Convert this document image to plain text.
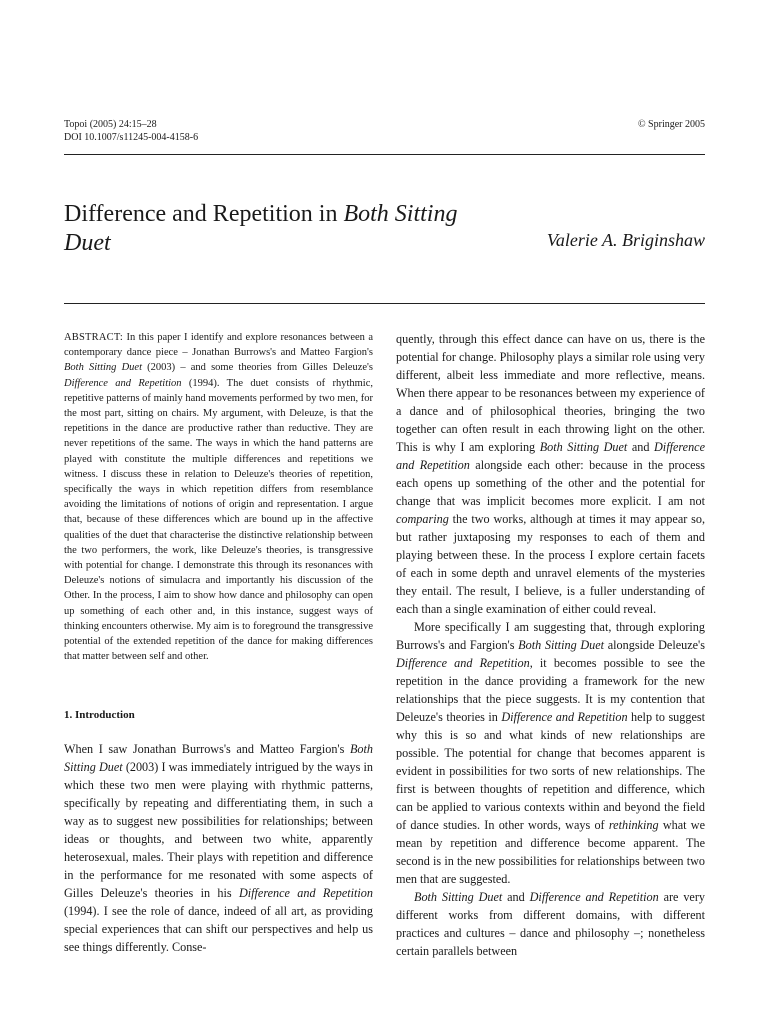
Topoi (2005) 24:15–28
DOI 10.1007/s11245-004-4158-6
© Springer 2005
Difference and Repetition in Both Sitting Duet	Valerie A. Briginshaw

ABSTRACT: In this paper I identify and explore resonances between a contemporary dance piece – Jonathan Burrows's and Matteo Fargion's Both Sitting Duet (2003) – and some theories from Gilles Deleuze's Difference and Repetition (1994). The duet consists of rhythmic, repetitive patterns of mainly hand movements performed by two men, for the most part, sitting on chairs. My argument, with Deleuze, is that the repetitions in the dance are productive rather than reductive. They are never repetitions of the same. The ways in which the hand patterns are played with constitute the multiple differences and repetitions we witness. I discuss these in relation to Deleuze's theories of repetition, specifically the ways in which repetition differs from resemblance avoiding the limitations of notions of origin and representation. I argue that, because of these differences which are bound up in the affective qualities of the duet that characterise the distinctive relationship between the two performers, the work, like Deleuze's theories, is transgressive with potential for change. I demonstrate this through its resonances with Deleuze's notions of simulacra and importantly his discussion of the Other. In the process, I aim to show how dance and philosophy can open up something of each other and, in this instance, suggest ways of thinking encounters otherwise. My aim is to foreground the transgressive potential of the extended repetition of the dance for making differences that matter between self and other.

1. Introduction

When I saw Jonathan Burrows's and Matteo Fargion's Both Sitting Duet (2003) I was immediately intrigued by the ways in which these two men were playing with rhythmic patterns, specifically by repeating and differentiating them, in such a way as to suggest new possibilities for relationships; between ideas or thoughts, and between two white, apparently heterosexual, males. Their plays with repetition and difference in the performance for me resonated with some aspects of Gilles Deleuze's theories in his Difference and Repetition (1994). I see the role of dance, indeed of all art, as providing special experiences that can shift our perspectives and help us see things differently. Conse-

quently, through this effect dance can have on us, there is the potential for change. Philosophy plays a similar role using very different, albeit less immediate and more reflective, means. When there appear to be resonances between my experience of a dance and of philosophical theories, bringing the two together can often result in each throwing light on the other. This is why I am exploring Both Sitting Duet and Difference and Repetition alongside each other: because in the process each opens up something of the other and the potential for change that was implicit becomes more explicit. I am not comparing the two works, although at times it may appear so, but rather juxtaposing my responses to each of them and playing between these. In the process I explore certain facets of each in some depth and unravel elements of the mysteries they entail. The result, I believe, is a fuller understanding of each than a single examination of either could reveal.

More specifically I am suggesting that, through exploring Burrows's and Fargion's Both Sitting Duet alongside Deleuze's Difference and Repetition, it becomes possible to see the repetition in the dance providing a framework for the new relationships that the piece suggests. It is my contention that Deleuze's theories in Difference and Repetition help to suggest why this is so and what kinds of new relationships are possible. The potential for change that becomes apparent is evident in possibilities for two sorts of new relationships. The first is between thoughts of repetition and difference, which can be applied to various contexts within and beyond the field of dance studies. In other words, ways of rethinking what we mean by repetition and difference become apparent. The second is in the new possibilities for relationships between two men that are suggested.

Both Sitting Duet and Difference and Repetition are very different works from different domains, with different practices and cultures – dance and philosophy –; nonetheless certain parallels between
